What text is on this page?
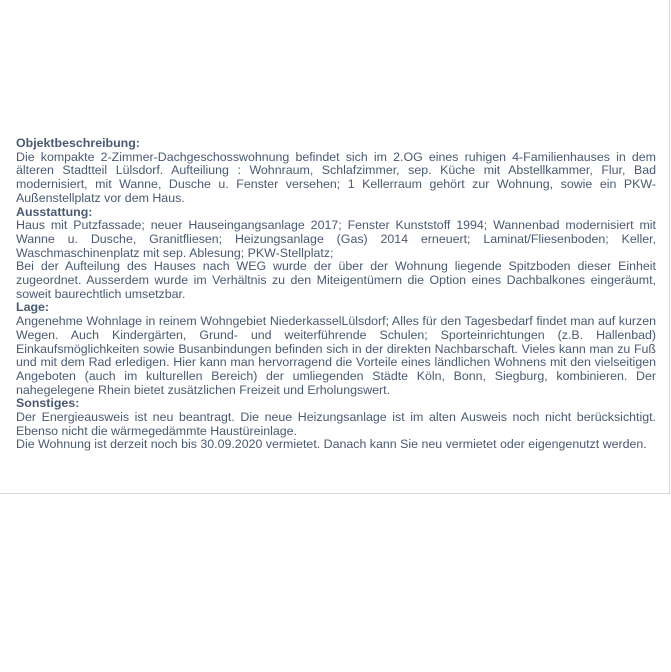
Objektbeschreibung:

Die kompakte 2-Zimmer-Dachgeschosswohnung befindet sich im 2.OG eines ruhigen 4-Familienhauses in dem älteren Stadtteil Lülsdorf. Aufteiliung : Wohnraum, Schlafzimmer, sep. Küche mit Abstellkammer, Flur, Bad modernisiert, mit Wanne, Dusche u. Fenster versehen; 1 Kellerraum gehört zur Wohnung, sowie ein PKW-Außenstellplatz vor dem Haus.

Ausstattung:

Haus mit Putzfassade; neuer Hauseingangsanlage 2017; Fenster Kunststoff 1994; Wannenbad modernisiert mit Wanne u. Dusche, Granitfliesen; Heizungsanlage (Gas) 2014 erneuert; Laminat/Fliesenboden; Keller, Waschmaschinenplatz mit sep. Ablesung; PKW-Stellplatz;

Bei der Aufteilung des Hauses nach WEG wurde der über der Wohnung liegende Spitzboden dieser Einheit zugeordnet. Ausserdem wurde im Verhältnis zu den Miteigentümern die Option eines Dachbalkones eingeräumt, soweit baurechtlich umsetzbar.

Lage:

Angenehme Wohnlage in reinem Wohngebiet NiederkasselLülsdorf; Alles für den Tagesbedarf findet man auf kurzen Wegen. Auch Kindergärten, Grund- und weiterführende Schulen; Sporteinrichtungen (z.B. Hallenbad) Einkaufsmöglichkeiten sowie Busanbindungen befinden sich in der direkten Nachbarschaft. Vieles kann man zu Fuß und mit dem Rad erledigen. Hier kann man hervorragend die Vorteile eines ländlichen Wohnens mit den vielseitigen Angeboten (auch im kulturellen Bereich) der umliegenden Städte Köln, Bonn, Siegburg, kombinieren. Der nahegelegene Rhein bietet zusätzlichen Freizeit und Erholungswert.

Sonstiges:

Der Energieausweis ist neu beantragt. Die neue Heizungsanlage ist im alten Ausweis noch nicht berücksichtigt. Ebenso nicht die wärmegedämmte Haustüreinlage.

Die Wohnung ist derzeit noch bis 30.09.2020 vermietet. Danach kann Sie neu vermietet oder eigengenutzt werden.
